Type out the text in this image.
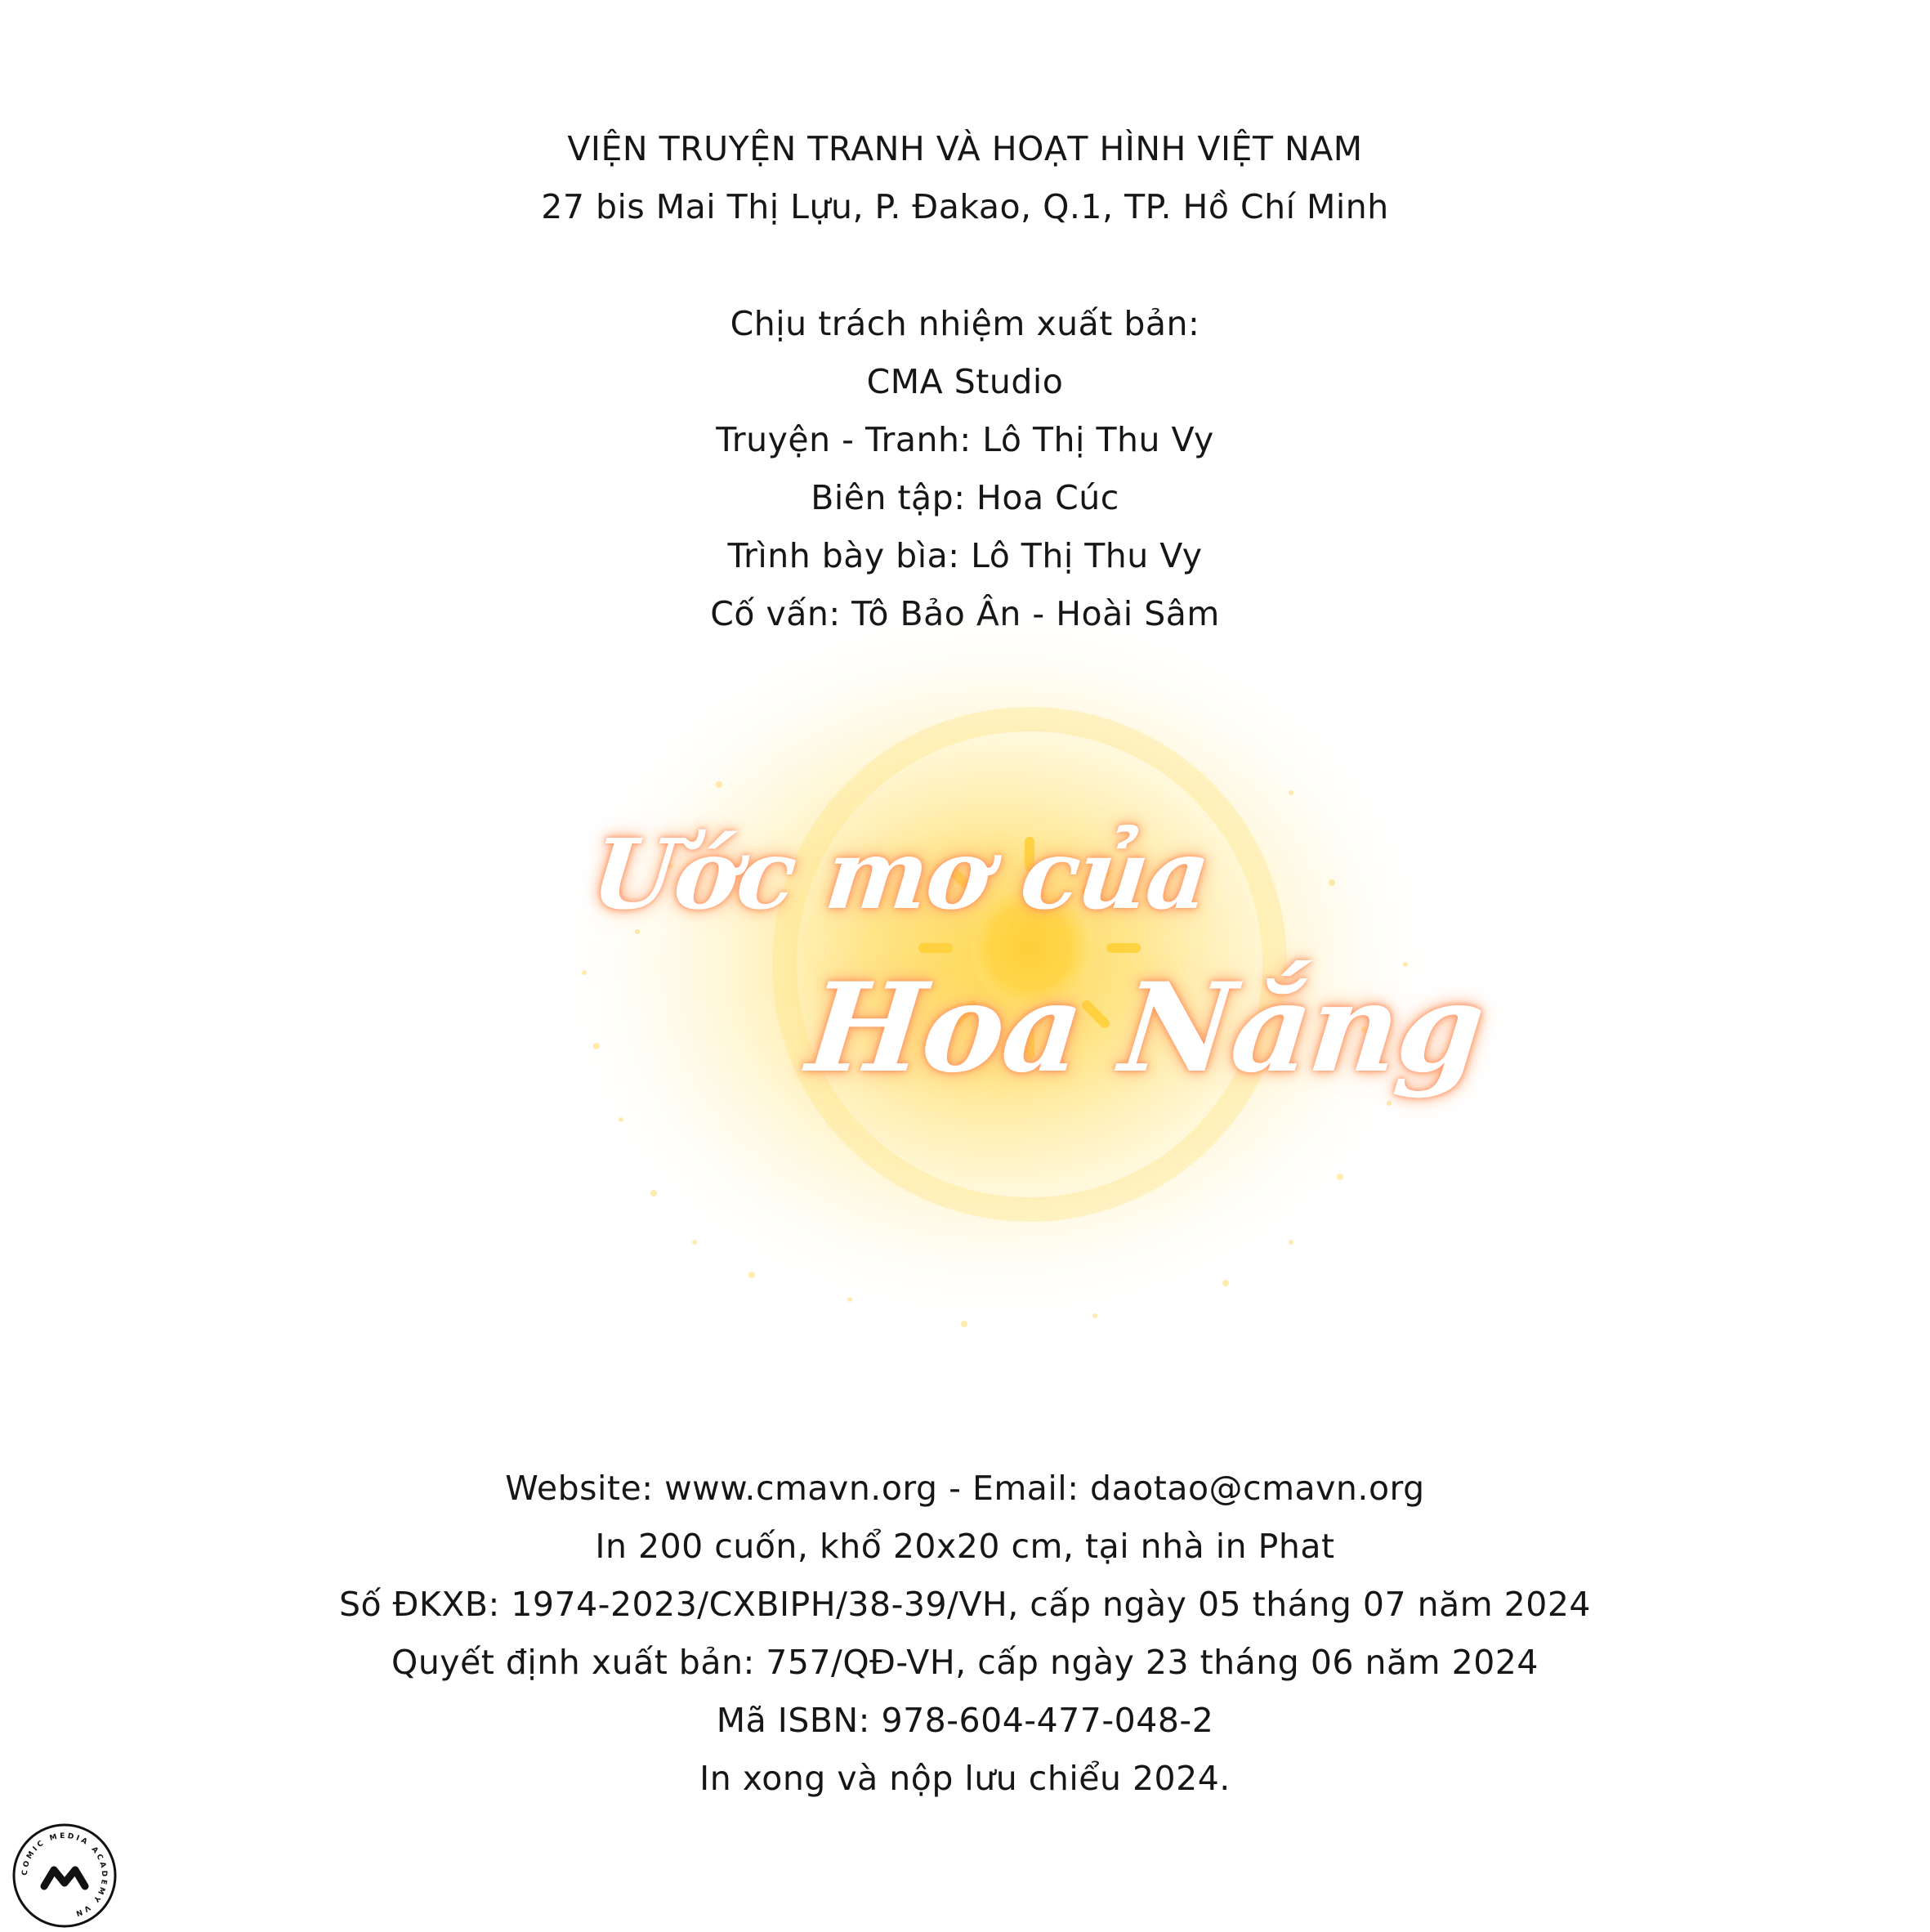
VIỆN TRUYỆN TRANH VÀ HOẠT HÌNH VIỆT NAM
27 bis Mai Thị Lựu, P. Đakao, Q.1, TP. Hồ Chí Minh
Chịu trách nhiệm xuất bản:
CMA Studio
Truyện - Tranh: Lô Thị Thu Vy
Biên tập: Hoa Cúc
Trình bày bìa: Lô Thị Thu Vy
Cố vấn: Tô Bảo Ân - Hoài Sâm
Ước mơ của
Hoa Nắng
Website: www.cmavn.org - Email: daotao@cmavn.org
In 200 cuốn, khổ 20x20 cm, tại nhà in Phat
Số ĐKXB: 1974-2023/CXBIPH/38-39/VH, cấp ngày 05 tháng 07 năm 2024
Quyết định xuất bản: 757/QĐ-VH, cấp ngày 23 tháng 06 năm 2024
Mã ISBN: 978-604-477-048-2
In xong và nộp lưu chiểu 2024.
COMIC MEDIA ACADEMY VN
